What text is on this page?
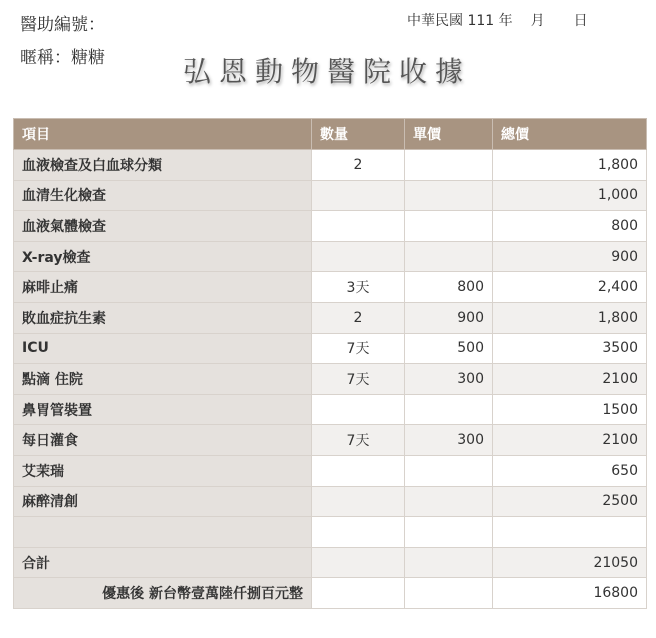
醫助編號：
暱稱：糖糖
中華民國 111 年 月 日
弘恩動物醫院收據
項目	數量	單價	總價
血液檢查及白血球分類	2		1,800
血清生化檢查			1,000
血液氣體檢查			800
X-ray檢查			900
麻啡止痛	3天	800	2,400
敗血症抗生素	2	900	1,800
ICU	7天	500	3500
點滴 住院	7天	300	2100
鼻胃管裝置			1500
每日灌食	7天	300	2100
艾茉瑞			650
麻醉清創			2500

合計			21050
優惠後 新台幣壹萬陸仟捌百元整			16800
